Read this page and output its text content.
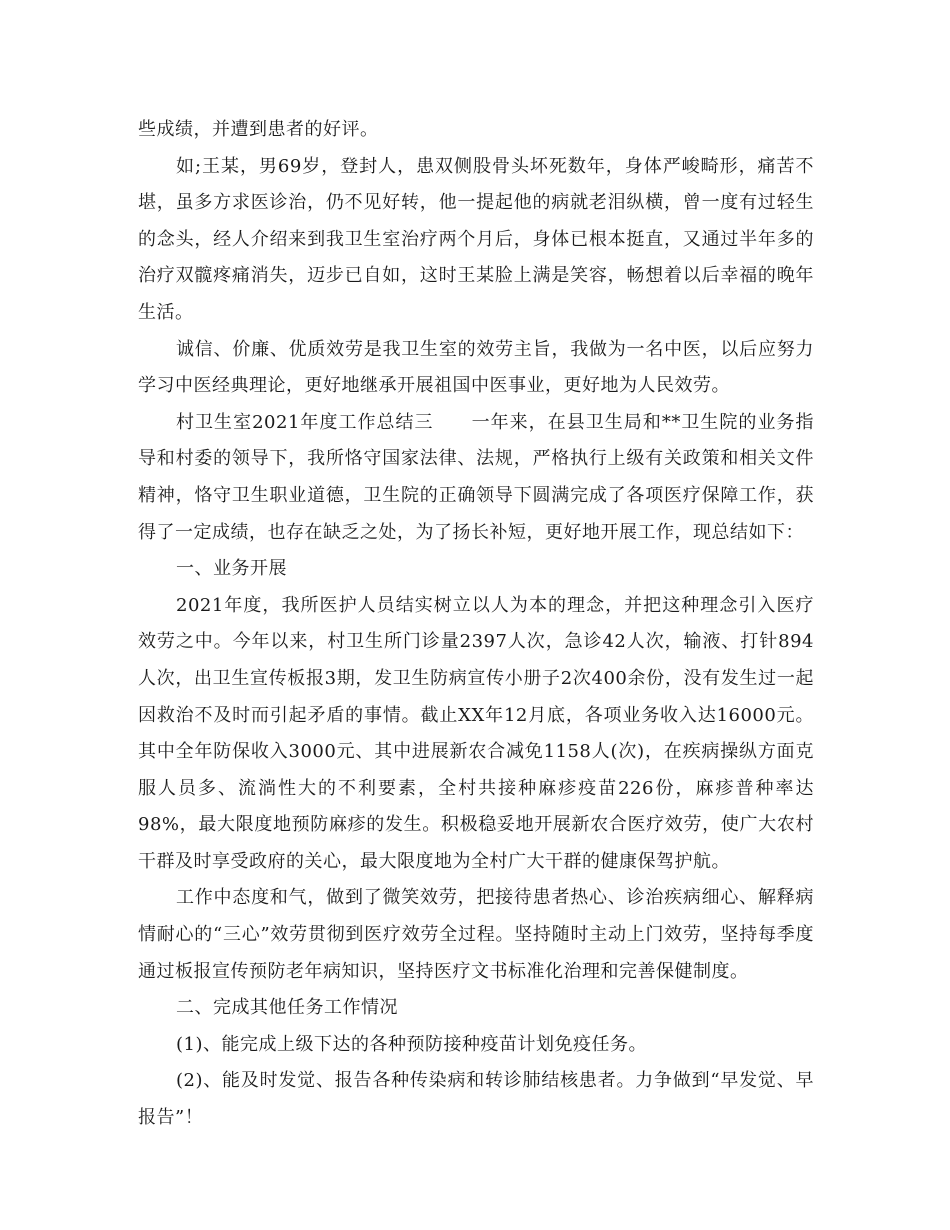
些成绩，并遭到患者的好评。

如;王某，男69岁，登封人，患双侧股骨头坏死数年，身体严峻畸形，痛苦不堪，虽多方求医诊治，仍不见好转，他一提起他的病就老泪纵横，曾一度有过轻生的念头，经人介绍来到我卫生室治疗两个月后，身体已根本挺直，又通过半年多的治疗双髋疼痛消失，迈步已自如，这时王某脸上满是笑容，畅想着以后幸福的晚年生活。

诚信、价廉、优质效劳是我卫生室的效劳主旨，我做为一名中医，以后应努力学习中医经典理论，更好地继承开展祖国中医事业，更好地为人民效劳。

村卫生室2021年度工作总结三　　一年来，在县卫生局和**卫生院的业务指导和村委的领导下，我所恪守国家法律、法规，严格执行上级有关政策和相关文件精神，恪守卫生职业道德，卫生院的正确领导下圆满完成了各项医疗保障工作，获得了一定成绩，也存在缺乏之处，为了扬长补短，更好地开展工作，现总结如下：

一、业务开展

2021年度，我所医护人员结实树立以人为本的理念，并把这种理念引入医疗效劳之中。今年以来，村卫生所门诊量2397人次，急诊42人次，输液、打针894人次，出卫生宣传板报3期，发卫生防病宣传小册子2次400余份，没有发生过一起因救治不及时而引起矛盾的事情。截止XX年12月底，各项业务收入达16000元。其中全年防保收入3000元、其中进展新农合减免1158人(次)，在疾病操纵方面克服人员多、流淌性大的不利要素，全村共接种麻疹疫苗226份，麻疹普种率达98%，最大限度地预防麻疹的发生。积极稳妥地开展新农合医疗效劳，使广大农村干群及时享受政府的关心，最大限度地为全村广大干群的健康保驾护航。

工作中态度和气，做到了微笑效劳，把接待患者热心、诊治疾病细心、解释病情耐心的“三心”效劳贯彻到医疗效劳全过程。坚持随时主动上门效劳，坚持每季度通过板报宣传预防老年病知识，坚持医疗文书标准化治理和完善保健制度。

二、完成其他任务工作情况

(1)、能完成上级下达的各种预防接种疫苗计划免疫任务。

(2)、能及时发觉、报告各种传染病和转诊肺结核患者。力争做到“早发觉、早报告”！
